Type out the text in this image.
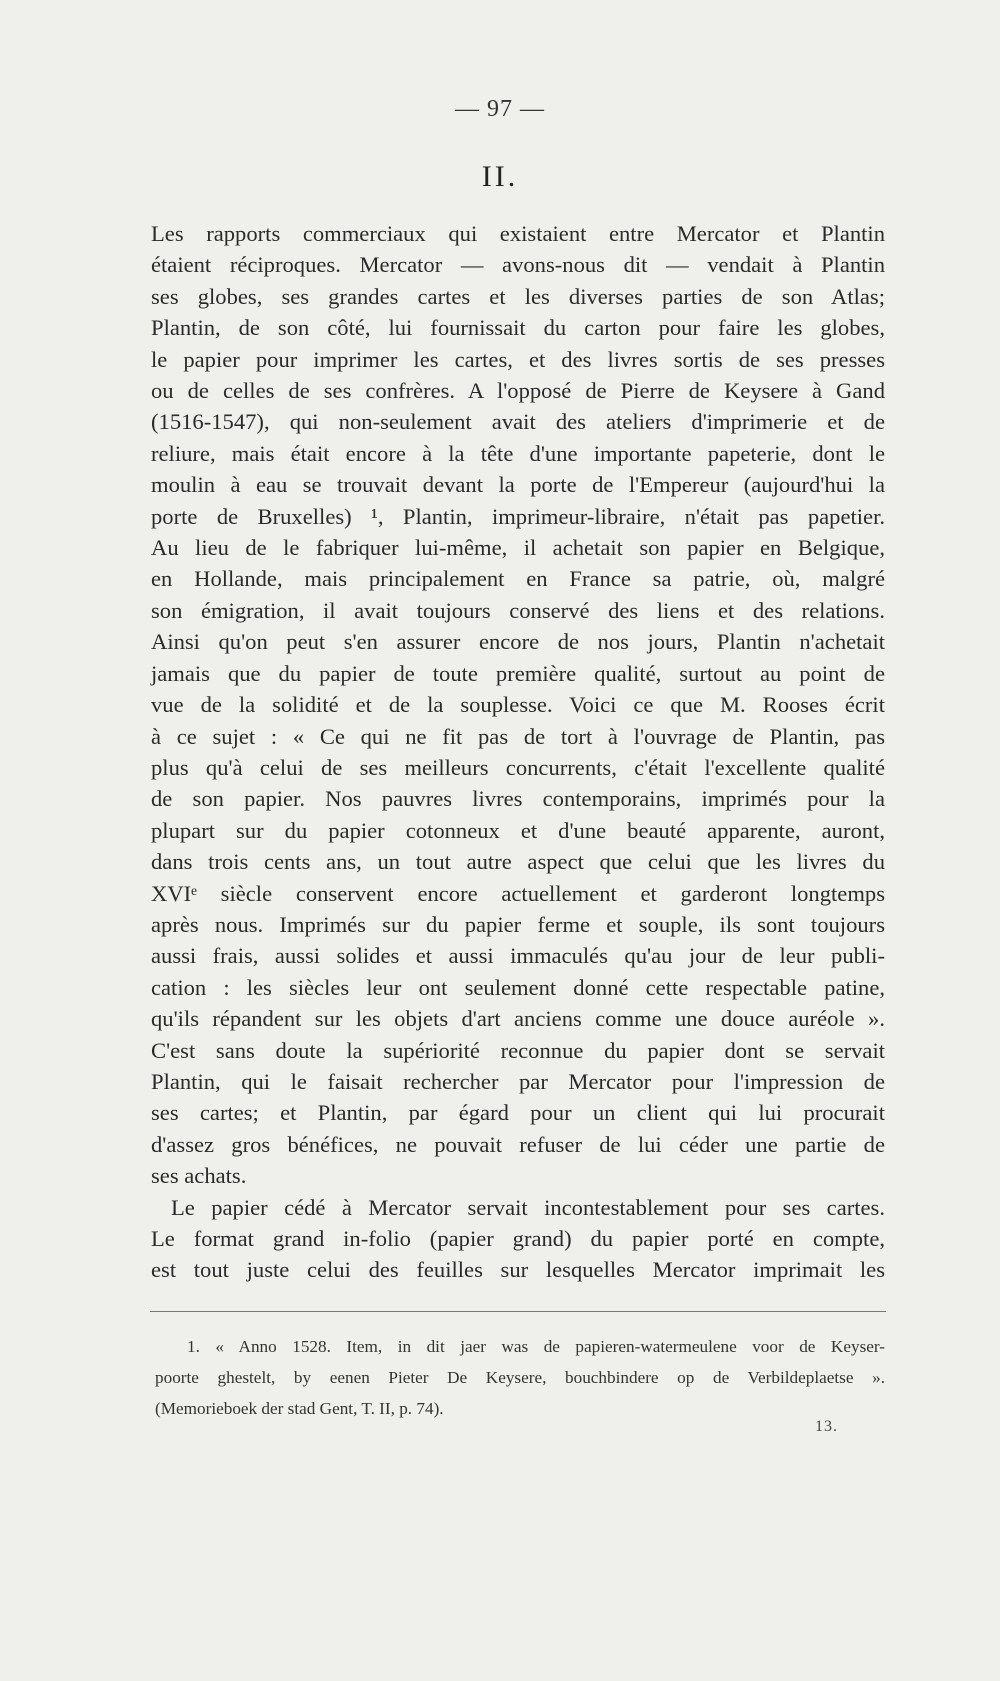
— 97 —
II.
Les rapports commerciaux qui existaient entre Mercator et Plantin
étaient réciproques. Mercator — avons-nous dit — vendait à Plantin
ses globes, ses grandes cartes et les diverses parties de son Atlas;
Plantin, de son côté, lui fournissait du carton pour faire les globes,
le papier pour imprimer les cartes, et des livres sortis de ses presses
ou de celles de ses confrères. A l'opposé de Pierre de Keysere à Gand
(1516-1547), qui non-seulement avait des ateliers d'imprimerie et de
reliure, mais était encore à la tête d'une importante papeterie, dont le
moulin à eau se trouvait devant la porte de l'Empereur (aujourd'hui la
porte de Bruxelles) ¹, Plantin, imprimeur-libraire, n'était pas papetier.
Au lieu de le fabriquer lui-même, il achetait son papier en Belgique,
en Hollande, mais principalement en France sa patrie, où, malgré
son émigration, il avait toujours conservé des liens et des relations.
Ainsi qu'on peut s'en assurer encore de nos jours, Plantin n'achetait
jamais que du papier de toute première qualité, surtout au point de
vue de la solidité et de la souplesse. Voici ce que M. Rooses écrit
à ce sujet : « Ce qui ne fit pas de tort à l'ouvrage de Plantin, pas
plus qu'à celui de ses meilleurs concurrents, c'était l'excellente qualité
de son papier. Nos pauvres livres contemporains, imprimés pour la
plupart sur du papier cotonneux et d'une beauté apparente, auront,
dans trois cents ans, un tout autre aspect que celui que les livres du
XVIᵉ siècle conservent encore actuellement et garderont longtemps
après nous. Imprimés sur du papier ferme et souple, ils sont toujours
aussi frais, aussi solides et aussi immaculés qu'au jour de leur publi-
cation : les siècles leur ont seulement donné cette respectable patine,
qu'ils répandent sur les objets d'art anciens comme une douce auréole ».
C'est sans doute la supériorité reconnue du papier dont se servait
Plantin, qui le faisait rechercher par Mercator pour l'impression de
ses cartes; et Plantin, par égard pour un client qui lui procurait
d'assez gros bénéfices, ne pouvait refuser de lui céder une partie de
ses achats.
Le papier cédé à Mercator servait incontestablement pour ses cartes.
Le format grand in-folio (papier grand) du papier porté en compte,
est tout juste celui des feuilles sur lesquelles Mercator imprimait les
1. « Anno 1528. Item, in dit jaer was de papieren-watermeulene voor de Keyser-
poorte ghestelt, by eenen Pieter De Keysere, bouchbindere op de Verbildeplaetse ».
(Memorieboek der stad Gent, T. II, p. 74).
13.
